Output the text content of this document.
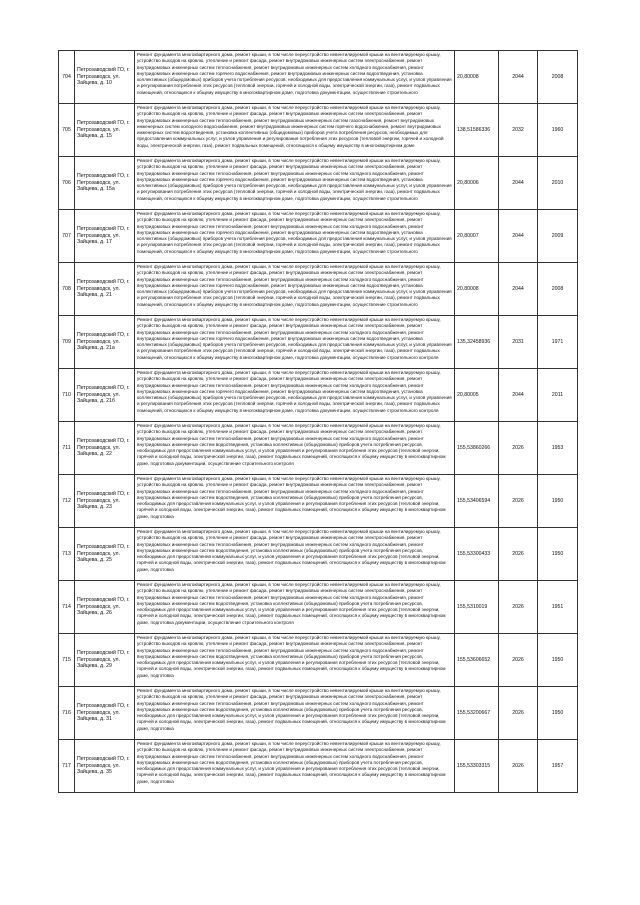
704	Петрозаводский ГО, г. Петрозаводск, ул. Зайцева, д. 10	Ремонт фундамента многоквартирного дома, ремонт крыши, в том числе переустройство невентилируемой крыши на вентилируемую крышу, устройство выходов на кровлю, утепление и ремонт фасада, ремонт внутридомовых инженерных систем электроснабжения, ремонт внутридомовых инженерных систем теплоснабжения, ремонт внутридомовых инженерных систем холодного водоснабжения, ремонт внутридомовых инженерных систем горячего водоснабжения, ремонт внутридомовых инженерных систем водоотведения, установка коллективных (общедомовых) приборов учета потребления ресурсов, необходимых для предоставления коммунальных услуг, и узлов управления и регулирования потребления этих ресурсов (тепловой энергии, горячей и холодной воды, электрической энергии, газа), ремонт подвальных помещений, относящихся к общему имуществу в многоквартирном доме, подготовка документации, осуществление строительного	20,80008	2044	2008
705	Петрозаводский ГО, г. Петрозаводск, ул. Зайцева, д. 15	Ремонт фундамента многоквартирного дома, ремонт крыши, в том числе переустройство невентилируемой крыши на вентилируемую крышу, устройство выходов на кровлю, утепление и ремонт фасада, ремонт внутридомовых инженерных систем электроснабжения, ремонт внутридомовых инженерных систем теплоснабжения, ремонт внутридомовых инженерных систем газоснабжения, ремонт внутридомовых инженерных систем холодного водоснабжения, ремонт внутридомовых инженерных систем горячего водоснабжения, ремонт внутридомовых инженерных систем водоотведения, установка коллективных (общедомовых) приборов учета потребления ресурсов, необходимых для предоставления коммунальных услуг, и узлов управления и регулирования потребления этих ресурсов (тепловой энергии, горячей и холодной воды, электрической энергии, газа), ремонт подвальных помещений, относящихся к общему имуществу в многоквартирном доме	138,51586336	2032	1960
706	Петрозаводский ГО, г. Петрозаводск, ул. Зайцева, д. 15а	Ремонт фундамента многоквартирного дома, ремонт крыши, в том числе переустройство невентилируемой крыши на вентилируемую крышу, устройство выходов на кровлю, утепление и ремонт фасада, ремонт внутридомовых инженерных систем электроснабжения, ремонт внутридомовых инженерных систем теплоснабжения, ремонт внутридомовых инженерных систем холодного водоснабжения, ремонт внутридомовых инженерных систем горячего водоснабжения, ремонт внутридомовых инженерных систем водоотведения, установка коллективных (общедомовых) приборов учета потребления ресурсов, необходимых для предоставления коммунальных услуг, и узлов управления и регулирования потребления этих ресурсов (тепловой энергии, горячей и холодной воды, электрической энергии, газа), ремонт подвальных помещений, относящихся к общему имуществу в многоквартирном доме, подготовка документации, осуществление строительного	20,80006	2044	2010
707	Петрозаводский ГО, г. Петрозаводск, ул. Зайцева, д. 17	Ремонт фундамента многоквартирного дома, ремонт крыши, в том числе переустройство невентилируемой крыши на вентилируемую крышу, устройство выходов на кровлю, утепление и ремонт фасада, ремонт внутридомовых инженерных систем электроснабжения, ремонт внутридомовых инженерных систем теплоснабжения, ремонт внутридомовых инженерных систем холодного водоснабжения, ремонт внутридомовых инженерных систем горячего водоснабжения, ремонт внутридомовых инженерных систем водоотведения, установка коллективных (общедомовых) приборов учета потребления ресурсов, необходимых для предоставления коммунальных услуг, и узлов управления и регулирования потребления этих ресурсов (тепловой энергии, горячей и холодной воды, электрической энергии, газа), ремонт подвальных помещений, относящихся к общему имуществу в многоквартирном доме, подготовка документации, осуществление строительного	20,80007	2044	2009
708	Петрозаводский ГО, г. Петрозаводск, ул. Зайцева, д. 21	Ремонт фундамента многоквартирного дома, ремонт крыши, в том числе переустройство невентилируемой крыши на вентилируемую крышу, устройство выходов на кровлю, утепление и ремонт фасада, ремонт внутридомовых инженерных систем электроснабжения, ремонт внутридомовых инженерных систем теплоснабжения, ремонт внутридомовых инженерных систем холодного водоснабжения, ремонт внутридомовых инженерных систем горячего водоснабжения, ремонт внутридомовых инженерных систем водоотведения, установка коллективных (общедомовых) приборов учета потребления ресурсов, необходимых для предоставления коммунальных услуг, и узлов управления и регулирования потребления этих ресурсов (тепловой энергии, горячей и холодной воды, электрической энергии, газа), ремонт подвальных помещений, относящихся к общему имуществу в многоквартирном доме, подготовка документации, осуществление строительного	20,80008	2044	2008
709	Петрозаводский ГО, г. Петрозаводск, ул. Зайцева, д. 21а	Ремонт фундамента многоквартирного дома, ремонт крыши, в том числе переустройство невентилируемой крыши на вентилируемую крышу, устройство выходов на кровлю, утепление и ремонт фасада, ремонт внутридомовых инженерных систем электроснабжения, ремонт внутридомовых инженерных систем теплоснабжения, ремонт внутридомовых инженерных систем холодного водоснабжения, ремонт внутридомовых инженерных систем горячего водоснабжения, ремонт внутридомовых инженерных систем водоотведения, установка коллективных (общедомовых) приборов учета потребления ресурсов, необходимых для предоставления коммунальных услуг, и узлов управления и регулирования потребления этих ресурсов (тепловой энергии, горячей и холодной воды, электрической энергии, газа), ремонт подвальных помещений, относящихся к общему имуществу в многоквартирном доме, подготовка документации, осуществление строительного контроля	135,32458936	2031	1971
710	Петрозаводский ГО, г. Петрозаводск, ул. Зайцева, д. 21б	Ремонт фундамента многоквартирного дома, ремонт крыши, в том числе переустройство невентилируемой крыши на вентилируемую крышу, устройство выходов на кровлю, утепление и ремонт фасада, ремонт внутридомовых инженерных систем электроснабжения, ремонт внутридомовых инженерных систем теплоснабжения, ремонт внутридомовых инженерных систем холодного водоснабжения, ремонт внутридомовых инженерных систем горячего водоснабжения, ремонт внутридомовых инженерных систем водоотведения, установка коллективных (общедомовых) приборов учета потребления ресурсов, необходимых для предоставления коммунальных услуг, и узлов управления и регулирования потребления этих ресурсов (тепловой энергии, горячей и холодной воды, электрической энергии, газа), ремонт подвальных помещений, относящихся к общему имуществу в многоквартирном доме, подготовка документации, осуществление строительного контроля	20,80005	2044	2011
711	Петрозаводский ГО, г. Петрозаводск, ул. Зайцева, д. 22	Ремонт фундамента многоквартирного дома, ремонт крыши, в том числе переустройство невентилируемой крыши на вентилируемую крышу, устройство выходов на кровлю, утепление и ремонт фасада, ремонт внутридомовых инженерных систем электроснабжения, ремонт внутридомовых инженерных систем теплоснабжения, ремонт внутридомовых инженерных систем холодного водоснабжения, ремонт внутридомовых инженерных систем водоотведения, установка коллективных (общедомовых) приборов учета потребления ресурсов, необходимых для предоставления коммунальных услуг, и узлов управления и регулирования потребления этих ресурсов (тепловой энергии, горячей и холодной воды, электрической энергии, газа), ремонт подвальных помещений, относящихся к общему имуществу в многоквартирном доме, подготовка документации, осуществление строительного контроля	155,53860266	2026	1953
712	Петрозаводский ГО, г. Петрозаводск, ул. Зайцева, д. 23	Ремонт фундамента многоквартирного дома, ремонт крыши, в том числе переустройство невентилируемой крыши на вентилируемую крышу, устройство выходов на кровлю, утепление и ремонт фасада, ремонт внутридомовых инженерных систем электроснабжения, ремонт внутридомовых инженерных систем теплоснабжения, ремонт внутридомовых инженерных систем холодного водоснабжения, ремонт внутридомовых инженерных систем водоотведения, установка коллективных (общедомовых) приборов учета потребления ресурсов, необходимых для предоставления коммунальных услуг, и узлов управления и регулирования потребления этих ресурсов (тепловой энергии, горячей и холодной воды, электрической энергии, газа), ремонт подвальных помещений, относящихся к общему имуществу в многоквартирном доме, подготовка	155,53406594	2026	1950
713	Петрозаводский ГО, г. Петрозаводск, ул. Зайцева, д. 25	Ремонт фундамента многоквартирного дома, ремонт крыши, в том числе переустройство невентилируемой крыши на вентилируемую крышу, устройство выходов на кровлю, утепление и ремонт фасада, ремонт внутридомовых инженерных систем электроснабжения, ремонт внутридомовых инженерных систем теплоснабжения, ремонт внутридомовых инженерных систем холодного водоснабжения, ремонт внутридомовых инженерных систем водоотведения, установка коллективных (общедомовых) приборов учета потребления ресурсов, необходимых для предоставления коммунальных услуг, и узлов управления и регулирования потребления этих ресурсов (тепловой энергии, горячей и холодной воды, электрической энергии, газа), ремонт подвальных помещений, относящихся к общему имуществу в многоквартирном доме, подготовка	155,53300433	2026	1950
714	Петрозаводский ГО, г. Петрозаводск, ул. Зайцева, д. 26	Ремонт фундамента многоквартирного дома, ремонт крыши, в том числе переустройство невентилируемой крыши на вентилируемую крышу, устройство выходов на кровлю, утепление и ремонт фасада, ремонт внутридомовых инженерных систем электроснабжения, ремонт внутридомовых инженерных систем теплоснабжения, ремонт внутридомовых инженерных систем холодного водоснабжения, ремонт внутридомовых инженерных систем водоотведения, установка коллективных (общедомовых) приборов учета потребления ресурсов, необходимых для предоставления коммунальных услуг, и узлов управления и регулирования потребления этих ресурсов (тепловой энергии, горячей и холодной воды, электрической энергии, газа), ремонт подвальных помещений, относящихся к общему имуществу в многоквартирном доме, подготовка документации, осуществление строительного контроля	155,5310019	2026	1951
715	Петрозаводский ГО, г. Петрозаводск, ул. Зайцева, д. 29	Ремонт фундамента многоквартирного дома, ремонт крыши, в том числе переустройство невентилируемой крыши на вентилируемую крышу, устройство выходов на кровлю, утепление и ремонт фасада, ремонт внутридомовых инженерных систем электроснабжения, ремонт внутридомовых инженерных систем теплоснабжения, ремонт внутридомовых инженерных систем холодного водоснабжения, ремонт внутридомовых инженерных систем водоотведения, установка коллективных (общедомовых) приборов учета потребления ресурсов, необходимых для предоставления коммунальных услуг, и узлов управления и регулирования потребления этих ресурсов (тепловой энергии, горячей и холодной воды, электрической энергии, газа), ремонт подвальных помещений, относящихся к общему имуществу в многоквартирном доме, подготовка	155,53606652	2026	1950
716	Петрозаводский ГО, г. Петрозаводск, ул. Зайцева, д. 31	Ремонт фундамента многоквартирного дома, ремонт крыши, в том числе переустройство невентилируемой крыши на вентилируемую крышу, устройство выходов на кровлю, утепление и ремонт фасада, ремонт внутридомовых инженерных систем электроснабжения, ремонт внутридомовых инженерных систем теплоснабжения, ремонт внутридомовых инженерных систем холодного водоснабжения, ремонт внутридомовых инженерных систем водоотведения, установка коллективных (общедомовых) приборов учета потребления ресурсов, необходимых для предоставления коммунальных услуг, и узлов управления и регулирования потребления этих ресурсов (тепловой энергии, горячей и холодной воды, электрической энергии, газа), ремонт подвальных помещений, относящихся к общему имуществу в многоквартирном доме, подготовка	155,53200667	2026	1950
717	Петрозаводский ГО, г. Петрозаводск, ул. Зайцева, д. 35	Ремонт фундамента многоквартирного дома, ремонт крыши, в том числе переустройство невентилируемой крыши на вентилируемую крышу, устройство выходов на кровлю, утепление и ремонт фасада, ремонт внутридомовых инженерных систем электроснабжения, ремонт внутридомовых инженерных систем теплоснабжения, ремонт внутридомовых инженерных систем холодного водоснабжения, ремонт внутридомовых инженерных систем водоотведения, установка коллективных (общедомовых) приборов учета потребления ресурсов, необходимых для предоставления коммунальных услуг, и узлов управления и регулирования потребления этих ресурсов (тепловой энергии, горячей и холодной воды, электрической энергии, газа), ремонт подвальных помещений, относящихся к общему имуществу в многоквартирном доме, подготовка	155,53303315	2026	1957
